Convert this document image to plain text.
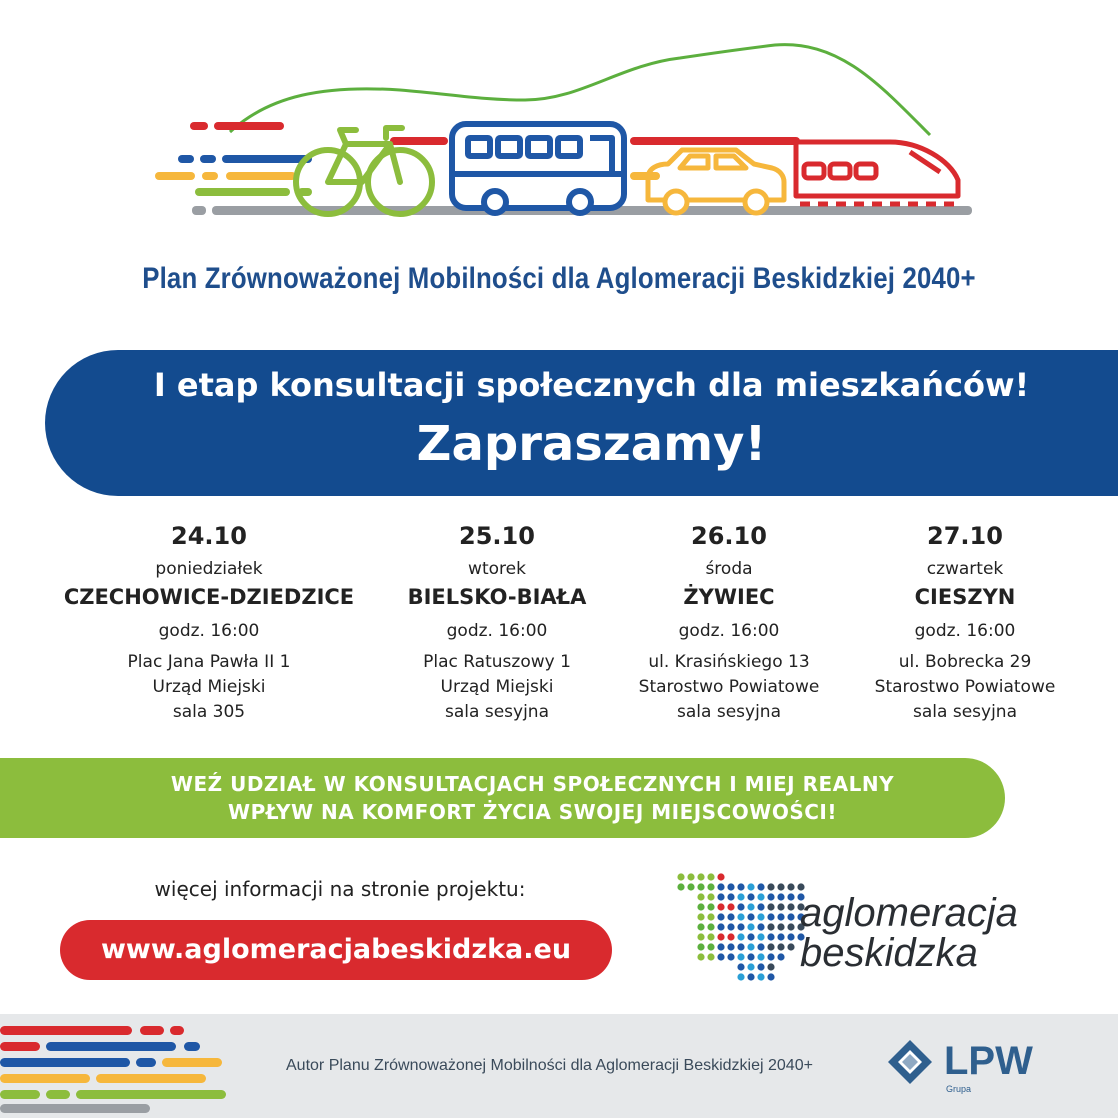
Plan Zrównoważonej Mobilności dla Aglomeracji Beskidzkiej 2040+
I etap konsultacji społecznych dla mieszkańców!
Zapraszamy!
24.10
poniedziałek
CZECHOWICE-DZIEDZICE
godz. 16:00
Plac Jana Pawła II 1
Urząd Miejski
sala 305
25.10
wtorek
BIELSKO-BIAŁA
godz. 16:00
Plac Ratuszowy 1
Urząd Miejski
sala sesyjna
26.10
środa
ŻYWIEC
godz. 16:00
ul. Krasińskiego 13
Starostwo Powiatowe
sala sesyjna
27.10
czwartek
CIESZYN
godz. 16:00
ul. Bobrecka 29
Starostwo Powiatowe
sala sesyjna
WEŹ UDZIAŁ W KONSULTACJACH SPOŁECZNYCH I MIEJ REALNY
WPŁYW NA KOMFORT ŻYCIA SWOJEJ MIEJSCOWOŚCI!
więcej informacji na stronie projektu:
www.aglomeracjabeskidzka.eu
aglomeracja
beskidzka
Autor Planu Zrównoważonej Mobilności dla Aglomeracji Beskidzkiej 2040+	LPW
Grupa
